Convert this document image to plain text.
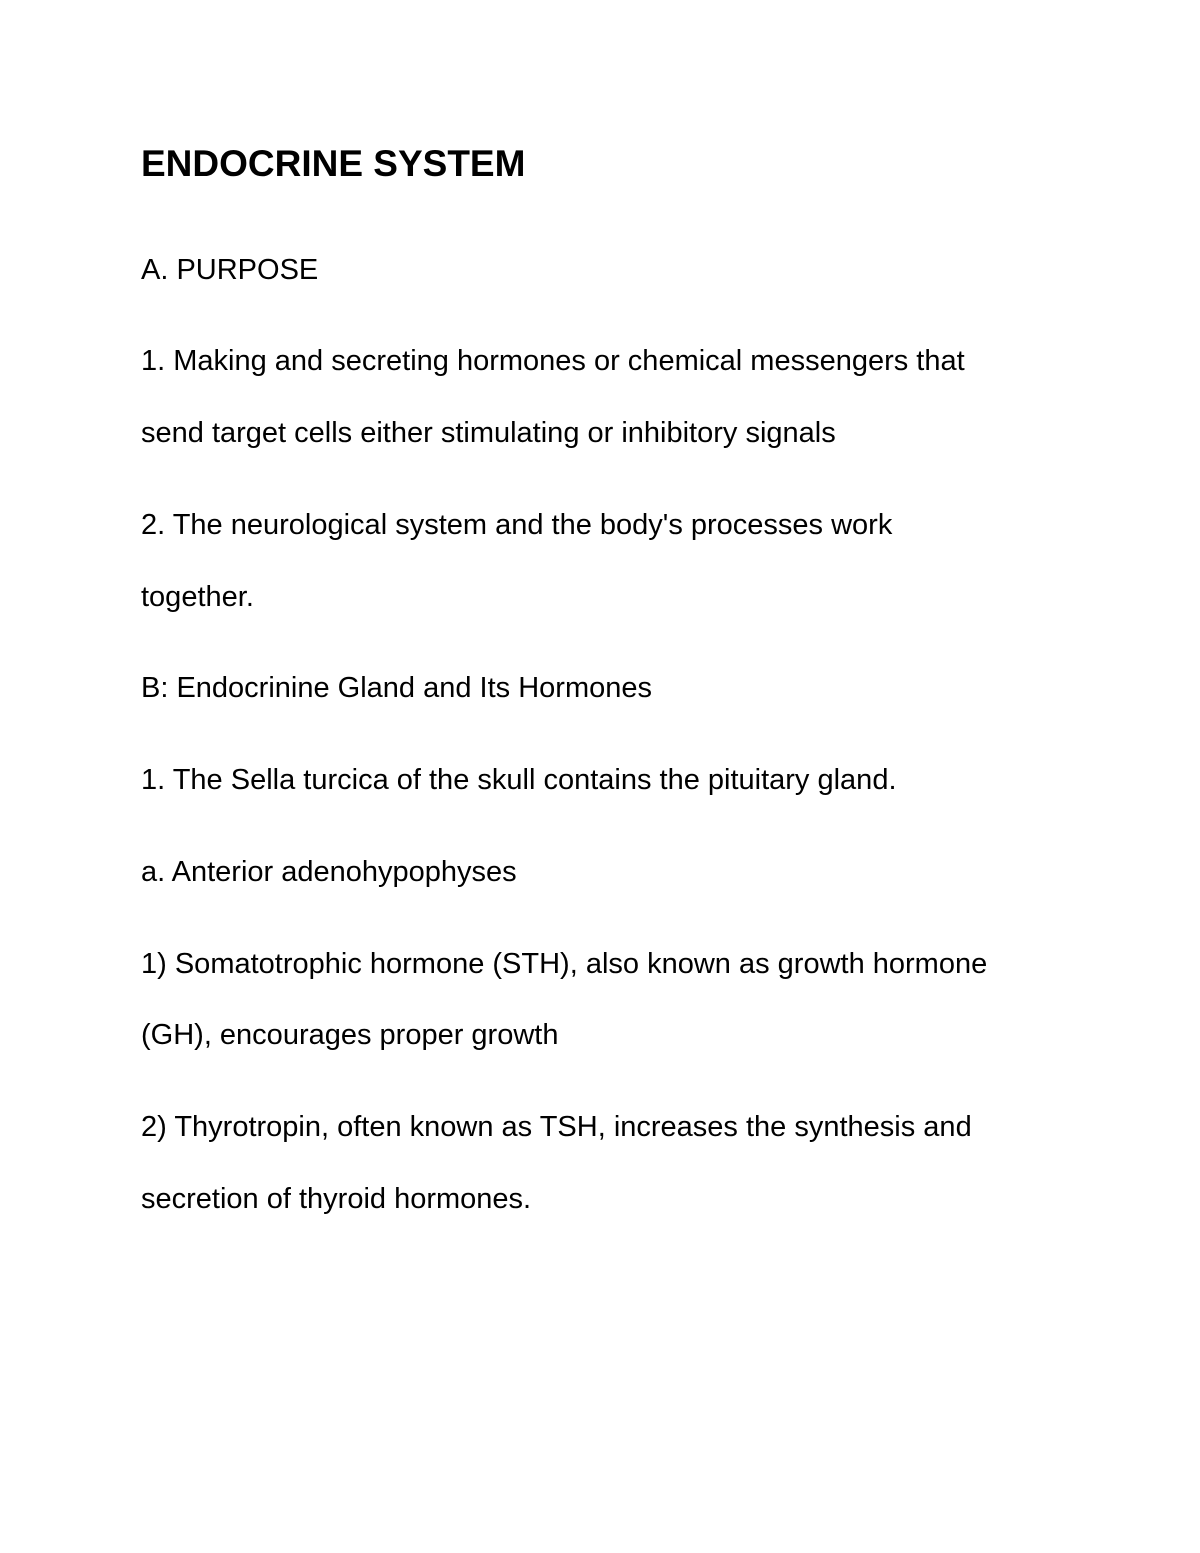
ENDOCRINE SYSTEM

A. PURPOSE

1. Making and secreting hormones or chemical messengers that

send target cells either stimulating or inhibitory signals

2. The neurological system and the body's processes work

together.

B: Endocrinine Gland and Its Hormones

1. The Sella turcica of the skull contains the pituitary gland.

a. Anterior adenohypophyses

1) Somatotrophic hormone (STH), also known as growth hormone

(GH), encourages proper growth

2) Thyrotropin, often known as TSH, increases the synthesis and

secretion of thyroid hormones.
